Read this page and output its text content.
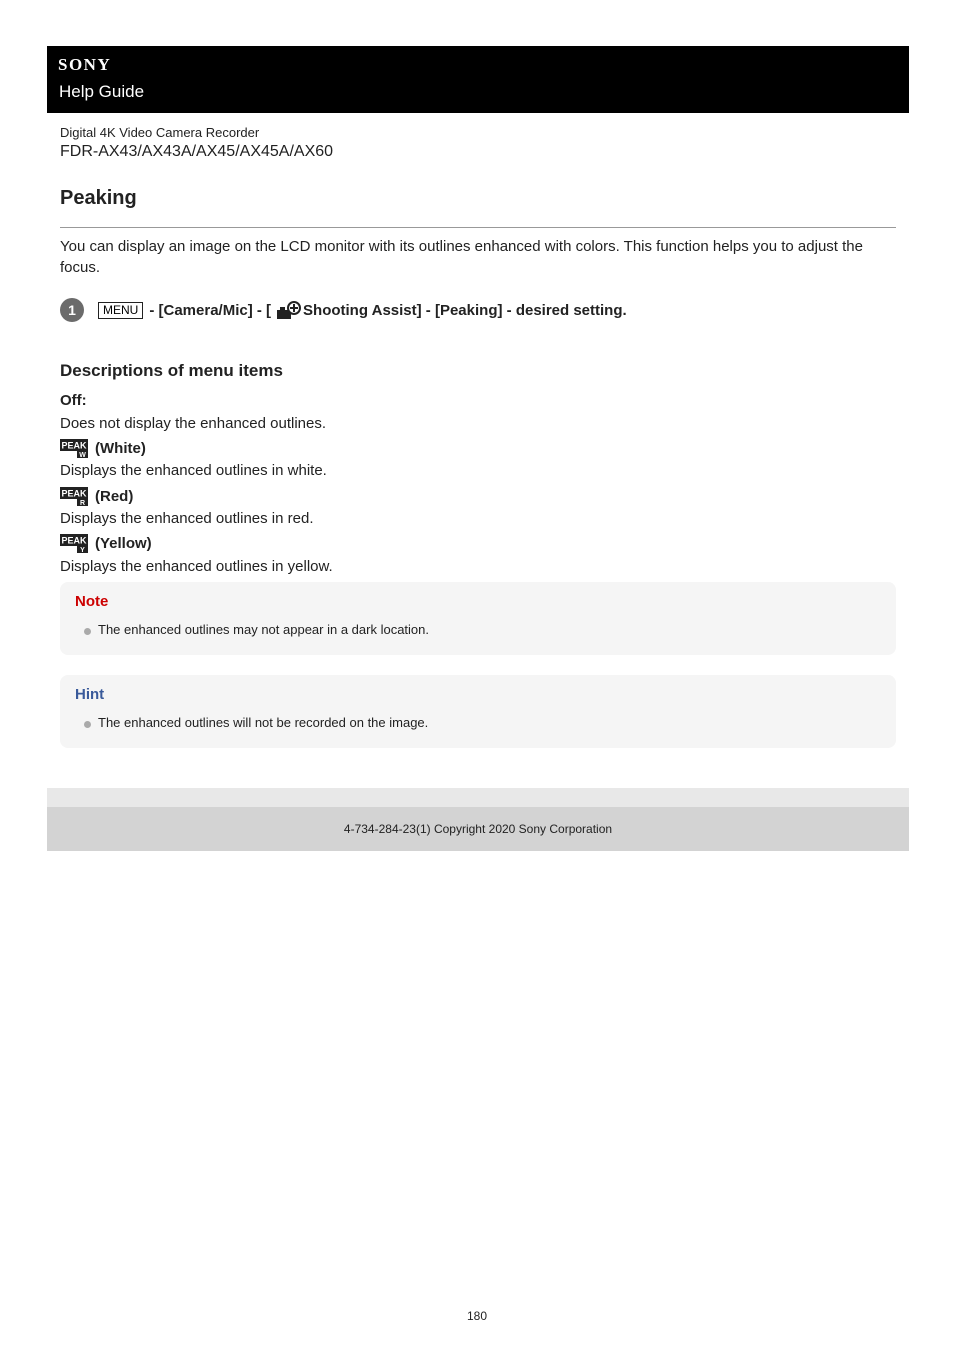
SONY
Help Guide
Digital 4K Video Camera Recorder
FDR-AX43/AX43A/AX45/AX45A/AX60
Peaking

You can display an image on the LCD monitor with its outlines enhanced with colors. This function helps you to adjust the focus.

1	MENU - [Camera/Mic] - [ Shooting Assist] - [Peaking] - desired setting.
Descriptions of menu items
Off:
Does not display the enhanced outlines.
PEAK
W (White)
Displays the enhanced outlines in white.
PEAK
R (Red)
Displays the enhanced outlines in red.
PEAK
Y (Yellow)
Displays the enhanced outlines in yellow.
Note
The enhanced outlines may not appear in a dark location.
Hint
The enhanced outlines will not be recorded on the image.
4-734-284-23(1) Copyright 2020 Sony Corporation
180
